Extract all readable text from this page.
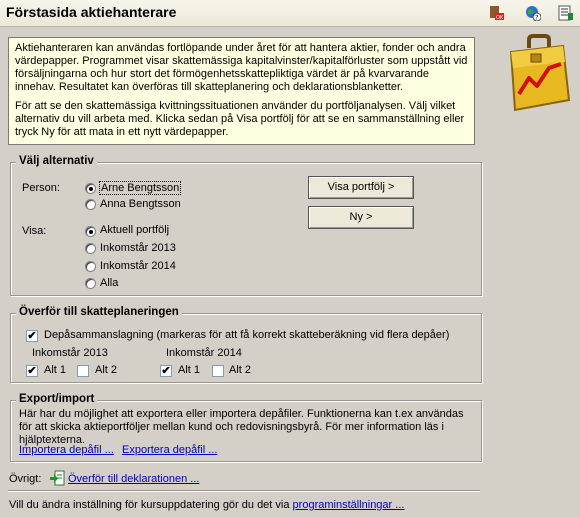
Förstasida aktiehanterare	OK	?

Aktiehanteraren kan användas fortlöpande under året för att hantera aktier, fonder och andra värdepapper. Programmet visar skattemässiga kapitalvinster/kapitalförluster som uppstått vid försäljningarna och hur stort det förmögenhetsskattepliktiga värdet är på kvarvarande innehav. Resultatet kan överföras till skatteplanering och deklarationsblanketter.

För att se den skattemässiga kvittningssituationen använder du portföljanalysen. Välj vilket alternativ du vill arbeta med. Klicka sedan på Visa portfölj för att se en sammanställning eller tryck Ny för att mata in ett nytt värdepapper.

Välj alternativ
Person:	Arne Bengtsson
Anna Bengtsson
Visa:	Aktuell portfölj
Inkomstår 2013
Inkomstår 2014
Alla
Visa portfölj >
Ny >
Överför till skatteplaneringen
✔ Depåsammanslagning (markeras för att få korrekt skatteberäkning vid flera depåer)
Inkomstår 2013	Inkomstår 2014
✔ Alt 1	Alt 2	✔ Alt 1	Alt 2
Export/import
Här har du möjlighet att exportera eller importera depåfiler. Funktionerna kan t.ex användas för att skicka aktieportföljer mellan kund och redovisningsbyrå. För mer information läs i hjälptexterna.
Importera depåfil ... Exportera depåfil ...
Övrigt: Överför till deklarationen ...
Vill du ändra inställning för kursuppdatering gör du det via programinställningar ...
